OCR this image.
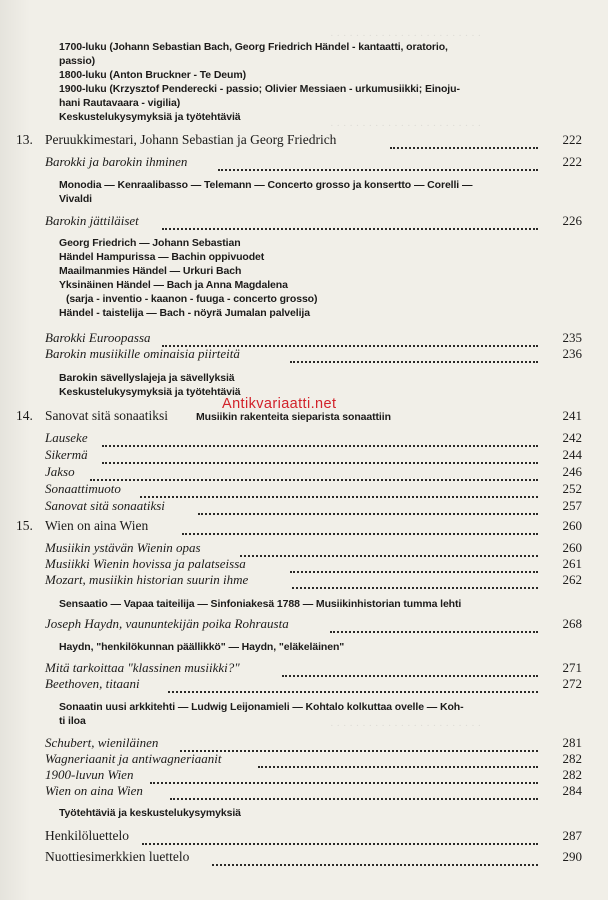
· · · · · · · · · · · · · · · · · · · · · · · ·
· · · · · · · · · · · · · · · · · · · · · · · ·
· · · · · · · · · · · · · · · · · · · · · · · ·
1700-luku (Johann Sebastian Bach, Georg Friedrich Händel - kantaatti, oratorio,
passio)
1800-luku (Anton Bruckner - Te Deum)
1900-luku (Krzysztof Penderecki - passio; Olivier Messiaen - urkumusiikki; Einoju-
hani Rautavaara - vigilia)
Keskustelukysymyksiä ja työtehtäviä
13. Peruukkimestari, Johann Sebastian ja Georg Friedrich	222
Barokki ja barokin ihminen	222
Monodia — Kenraalibasso — Telemann — Concerto grosso ja konsertto — Corelli —
Vivaldi
Barokin jättiläiset	226
Georg Friedrich — Johann Sebastian
Händel Hampurissa — Bachin oppivuodet
Maailmanmies Händel — Urkuri Bach
Yksinäinen Händel — Bach ja Anna Magdalena
(sarja - inventio - kaanon - fuuga - concerto grosso)
Händel - taistelija — Bach - nöyrä Jumalan palvelija
Barokki Euroopassa	235
Barokin musiikille ominaisia piirteitä	236
Barokin sävellyslajeja ja sävellyksiä
Keskustelukysymyksiä ja työtehtäviä
Antikvariaatti.net
14. Sanovat sitä sonaatiksi	Musiikin rakenteita sieparista sonaattiin	241
Lauseke	242
Sikermä	244
Jakso	246
Sonaattimuoto	252
Sanovat sitä sonaatiksi	257
15. Wien on aina Wien	260
Musiikin ystävän Wienin opas	260
Musiikki Wienin hovissa ja palatseissa	261
Mozart, musiikin historian suurin ihme	262
Sensaatio — Vapaa taiteilija — Sinfoniakesä 1788 — Musiikinhistorian tumma lehti
Joseph Haydn, vaununtekijän poika Rohrausta	268
Haydn, "henkilökunnan päällikkö" — Haydn, "eläkeläinen"
Mitä tarkoittaa "klassinen musiikki?"	271
Beethoven, titaani	272
Sonaatin uusi arkkitehti — Ludwig Leijonamieli — Kohtalo kolkuttaa ovelle — Koh-
ti iloa
Schubert, wieniläinen	281
Wagneriaanit ja antiwagneriaanit	282
1900-luvun Wien	282
Wien on aina Wien	284
Työtehtäviä ja keskustelukysymyksiä
Henkilöluettelo	287
Nuottiesimerkkien luettelo	290
